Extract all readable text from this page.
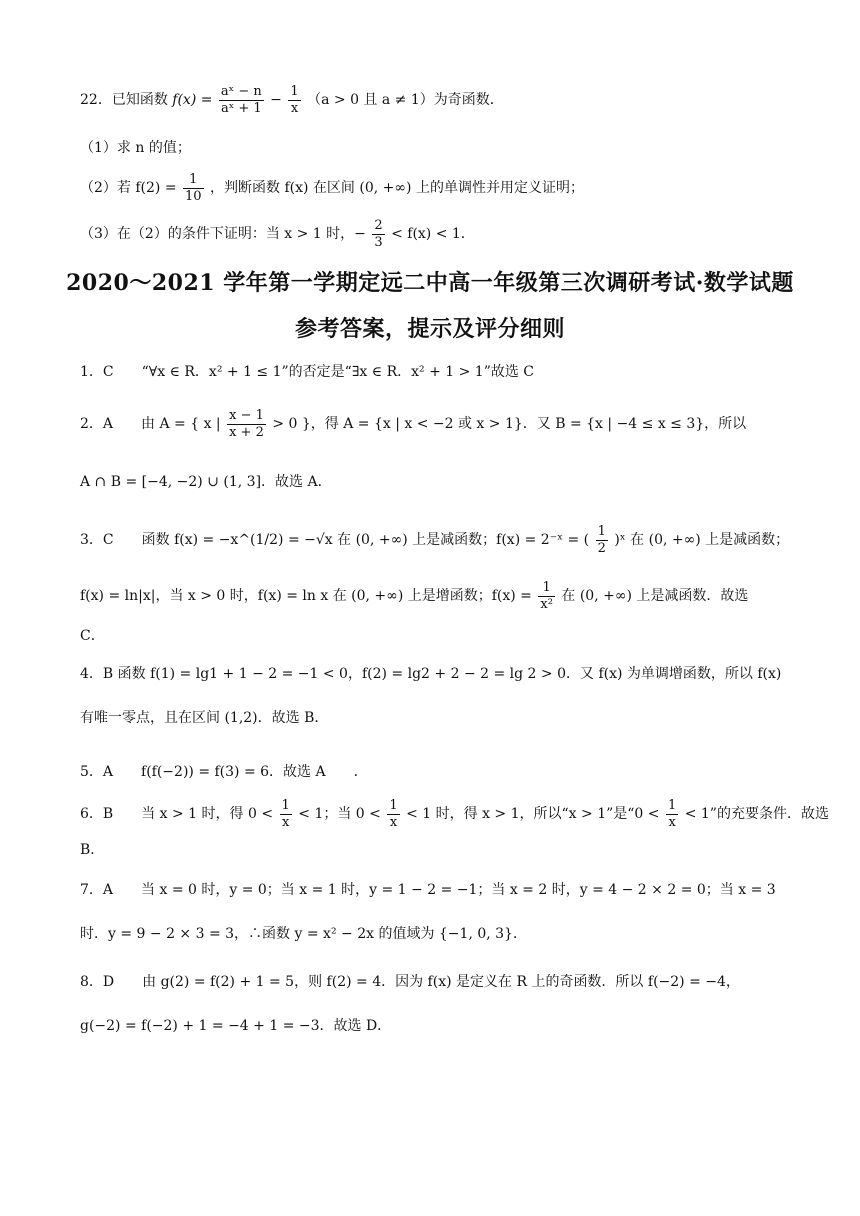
22．已知函数 $f(x) = \frac{\text{aˣ − n}}{\text{aˣ + 1}} - \frac{1}{x} (a > 0$ 且 a ≠ 1）为奇函数．
（1）求 n 的值；
（2）若 $f(2) = \frac{1}{10}$ ，判断函数 f(x) 在区间 (0, +∞) 上的单调性并用定义证明；
（3）在（2）的条件下证明：当 x > 1 时，− $\frac{2}{3} < f(x) < 1$．
2020～2021 学年第一学期定远二中高一年级第三次调研考试·数学试题
参考答案，提示及评分细则
1．C　　“∀x ∈ R．x² + 1 ≤ 1”的否定是“∃x ∈ R．x² + 1 > 1”故选 C
2．A　　由 A = { x | $\frac{x - 1}{x + 2} > 0$ }，得 A = {x | x < −2 或 x > 1}．又 B = {x | −4 ≤ x ≤ 3}，所以
A ∩ B = [−4, −2) ∪ (1, 3]．故选 A．
3．C　　函数 f(x) = −x^(1/2) = −√x 在 (0, +∞) 上是减函数；f(x) = 2⁻ˣ = ( $\frac{1}{2}$ )ˣ 在 (0, +∞) 上是减函数；
f(x) = ln|x|，当 x > 0 时，f(x) = ln x 在 (0, +∞) 上是增函数；$f(x) = \frac{1}{\text{x²}}$ 在 (0, +∞) 上是减函数．故选
C．
4．B 函数 f(1) = lg1 + 1 − 2 = −1 < 0，f(2) = lg2 + 2 − 2 = lg 2 > 0．又 f(x) 为单调增函数，所以 f(x)
有唯一零点，且在区间 (1,2)．故选 B．
5．A　　f(f(−2)) = f(3) = 6．故选 A　　．
6．B　　当 x > 1 时，得 $0 < \frac{1}{x} < 1$；当 $0 < \frac{1}{x} < 1$ 时，得 x > 1，所以“x > 1”是“$0 < \frac{1}{x} < 1$”的充要条件．故选
B．
7．A　　当 x = 0 时，y = 0；当 x = 1 时，y = 1 − 2 = −1；当 x = 2 时，y = 4 − 2 × 2 = 0；当 x = 3
时．y = 9 − 2 × 3 = 3，∴函数 y = x² − 2x 的值域为 {−1, 0, 3}．
8．D　　由 g(2) = f(2) + 1 = 5，则 f(2) = 4．因为 f(x) 是定义在 R 上的奇函数．所以 f(−2) = −4，
g(−2) = f(−2) + 1 = −4 + 1 = −3．故选 D．
